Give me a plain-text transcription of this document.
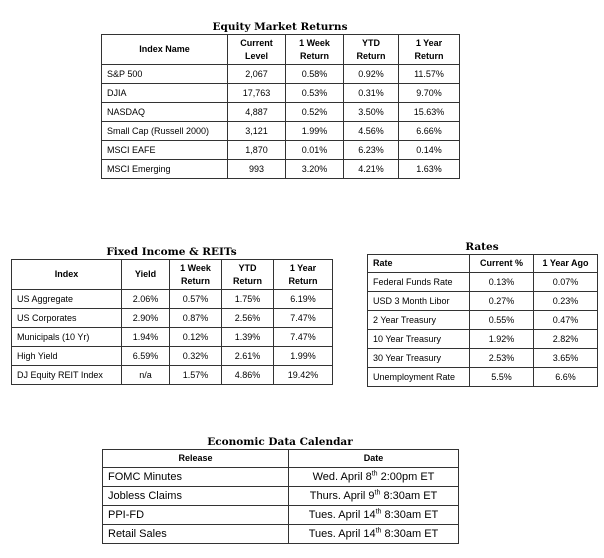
Equity Market Returns
Index Name	Current Level	1 Week Return	YTD Return	1 Year Return
S&P 500	2,067	0.58%	0.92%	11.57%
DJIA	17,763	0.53%	0.31%	9.70%
NASDAQ	4,887	0.52%	3.50%	15.63%
Small Cap (Russell 2000)	3,121	1.99%	4.56%	6.66%
MSCI EAFE	1,870	0.01%	6.23%	0.14%
MSCI Emerging	993	3.20%	4.21%	1.63%
Fixed Income & REITs
Index	Yield	1 Week Return	YTD Return	1 Year Return
US Aggregate	2.06%	0.57%	1.75%	6.19%
US Corporates	2.90%	0.87%	2.56%	7.47%
Municipals (10 Yr)	1.94%	0.12%	1.39%	7.47%
High Yield	6.59%	0.32%	2.61%	1.99%
DJ Equity REIT Index	n/a	1.57%	4.86%	19.42%
Rates
Rate	Current %	1 Year Ago
Federal Funds Rate	0.13%	0.07%
USD 3 Month Libor	0.27%	0.23%
2 Year Treasury	0.55%	0.47%
10 Year Treasury	1.92%	2.82%
30 Year Treasury	2.53%	3.65%
Unemployment Rate	5.5%	6.6%
Economic Data Calendar
Release	Date
FOMC Minutes	Wed. April 8th 2:00pm ET
Jobless Claims	Thurs. April 9th 8:30am ET
PPI-FD	Tues. April 14th 8:30am ET
Retail Sales	Tues. April 14th 8:30am ET
